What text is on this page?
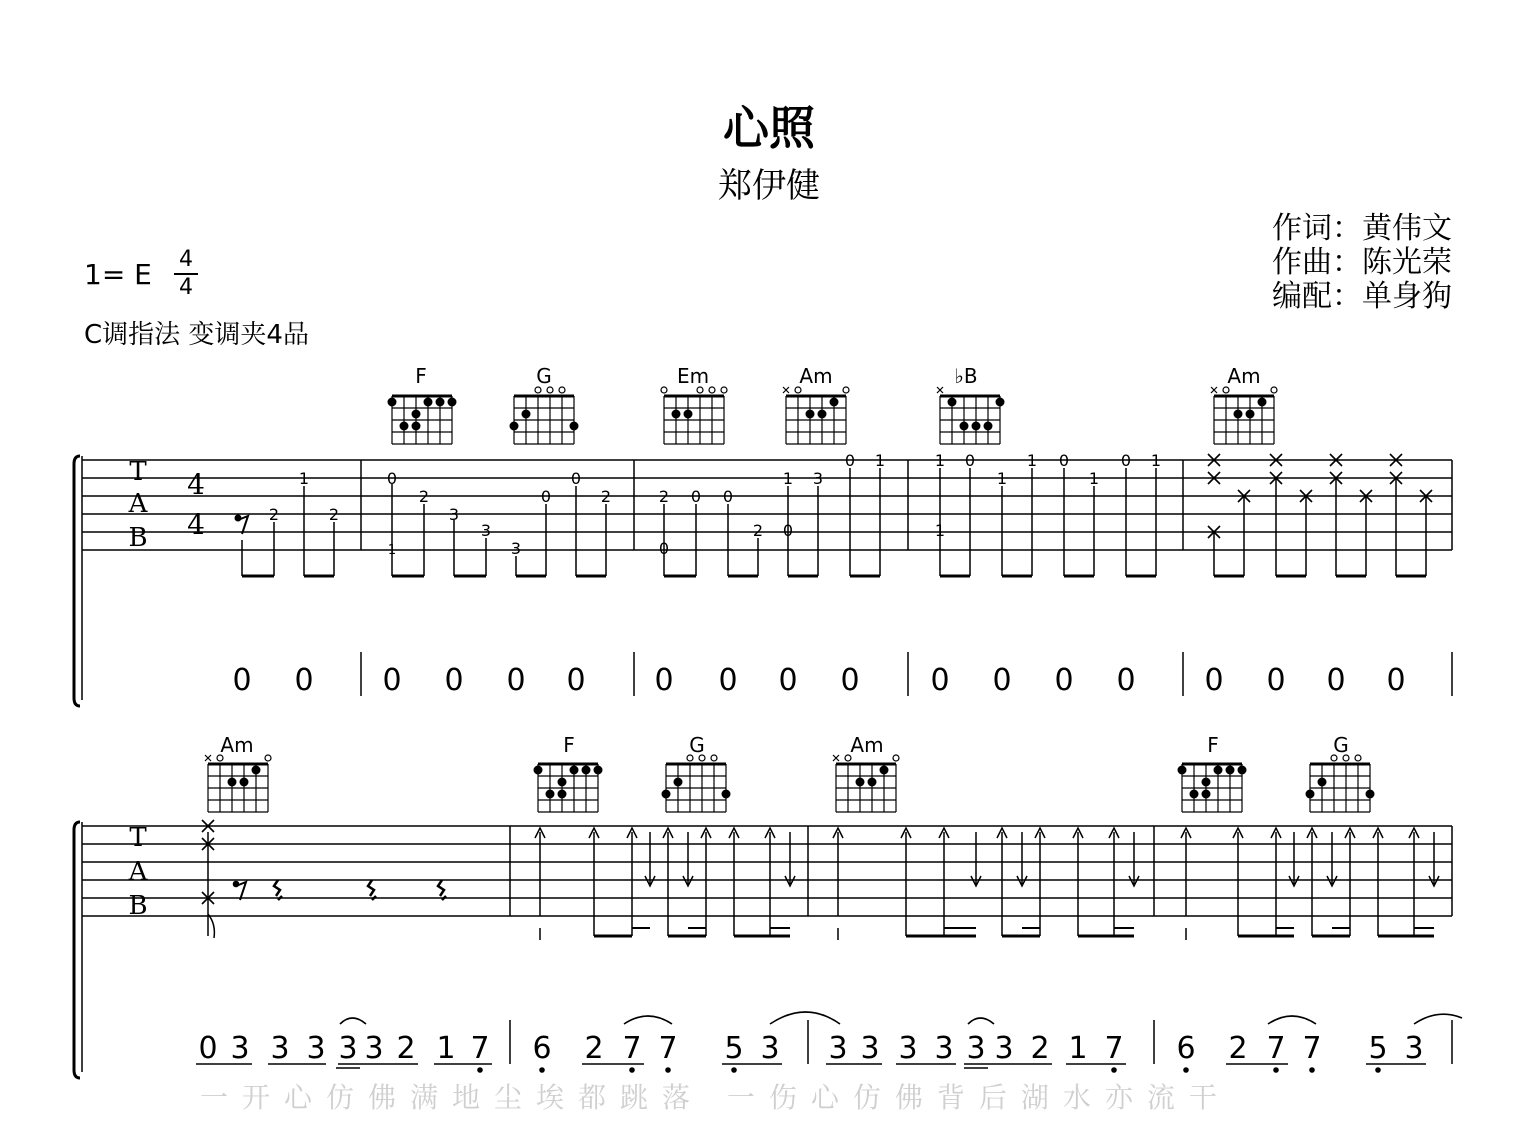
心照
郑伊健
作词：黄伟文
作曲：陈光荣
编配：单身狗
1= E	4
4
C调指法 变调夹4品
T
A
B
4
4
1
2	2
0
2
1
3
3
3
0
0
2	2 0 0
0
1 3
2 0
0 1	1 0
1
1 0
1
0 1
1
0 0 0 0 0 0 0 0 0 0 0 0 0 0 0 0 0 0
F	G	Em	Am	♭B	Am
T
A
B
0 3 3 3 3 3 2 1 7 6 2 7 7 5 3 3 3 3 3 3 3 2 1 7 6 2 7 7 5 3
Am	F	G	Am	F	G
一开心仿佛满地尘埃都跳落 一伤心仿佛背后湖水亦流干
